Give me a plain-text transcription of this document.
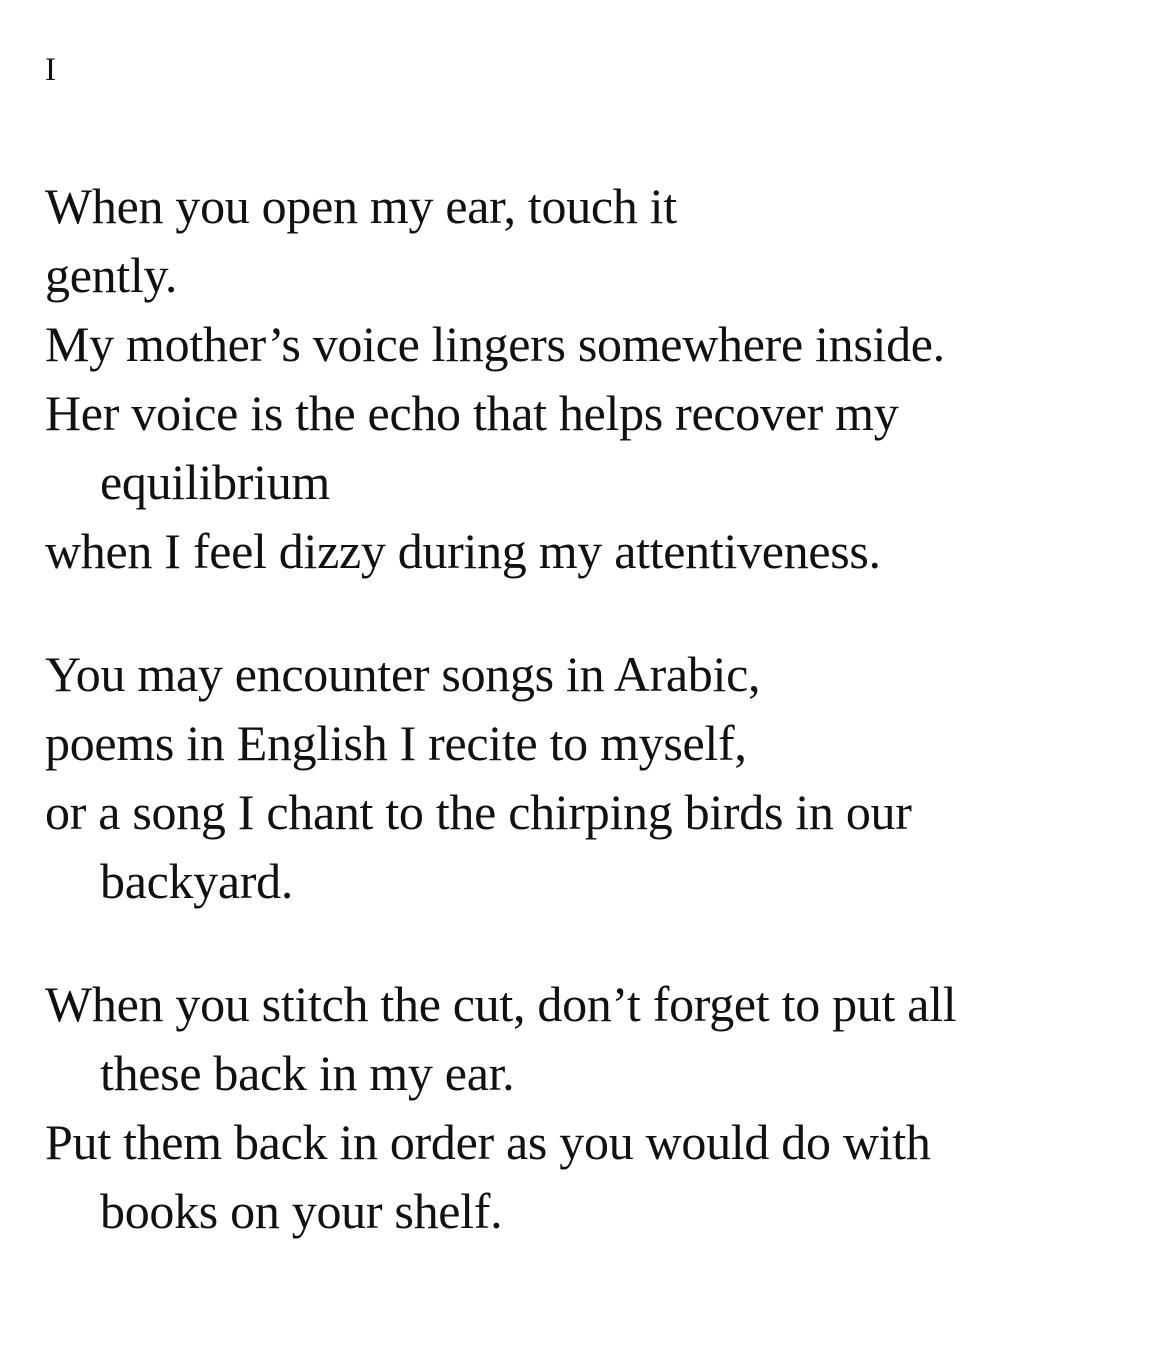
I
When you open my ear, touch it
gently.
My mother’s voice lingers somewhere inside.
Her voice is the echo that helps recover my
equilibrium
when I feel dizzy during my attentiveness.
You may encounter songs in Arabic,
poems in English I recite to myself,
or a song I chant to the chirping birds in our
backyard.
When you stitch the cut, don’t forget to put all
these back in my ear.
Put them back in order as you would do with
books on your shelf.
